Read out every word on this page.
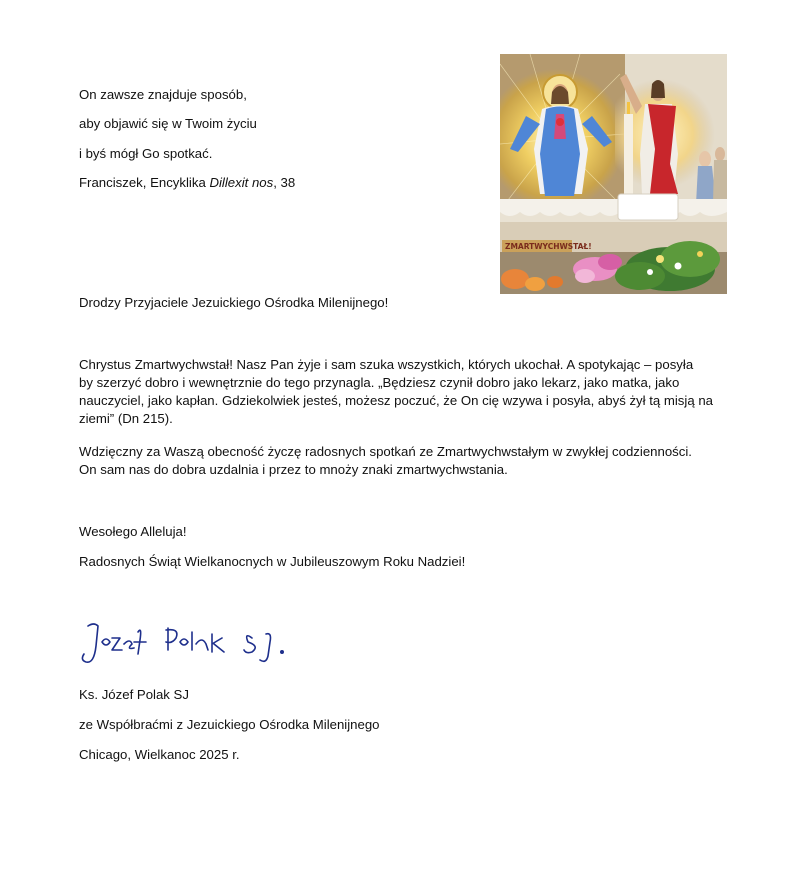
On zawsze znajduje sposób,

aby objawić się w Twoim życiu

i byś mógł Go spotkać.

Franciszek, Encyklika Dillexit nos, 38

ZMARTWYCHWSTAŁ!

Drodzy Przyjaciele Jezuickiego Ośrodka Milenijnego!

Chrystus Zmartwychwstał! Nasz Pan żyje i sam szuka wszystkich, których ukochał. A spotykając – posyła
by szerzyć dobro i wewnętrznie do tego przynagla. „Będziesz czynił dobro jako lekarz, jako matka, jako
nauczyciel, jako kapłan. Gdziekolwiek jesteś, możesz poczuć, że On cię wzywa i posyła, abyś żył tą misją na
ziemi” (Dn 215).
Wdzięczny za Waszą obecność życzę radosnych spotkań ze Zmartwychwstałym w zwykłej codzienności.
On sam nas do dobra uzdalnia i przez to mnoży znaki zmartwychwstania.

Wesołego Alleluja!

Radosnych Świąt Wielkanocnych w Jubileuszowym Roku Nadziei!

Ks. Józef Polak SJ

ze Współbraćmi z Jezuickiego Ośrodka Milenijnego

Chicago, Wielkanoc 2025 r.
